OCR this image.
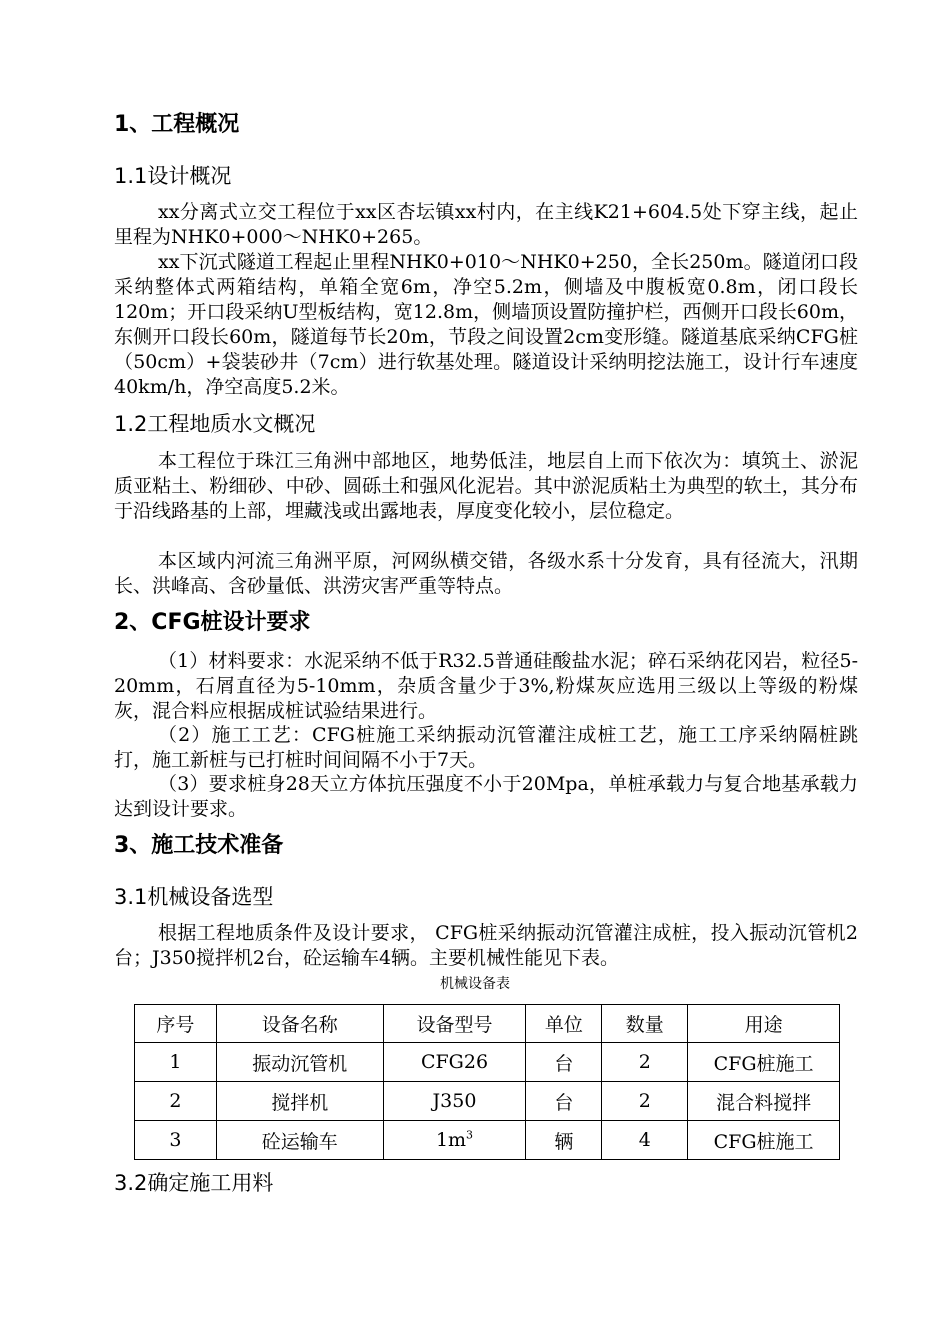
1、工程概况
1.1设计概况
xx分离式立交工程位于xx区杏坛镇xx村内，在主线K21+604.5处下穿主线，起止里程为NHK0+000～NHK0+265。
xx下沉式隧道工程起止里程NHK0+010～NHK0+250，全长250m。隧道闭口段采纳整体式两箱结构，单箱全宽6m，净空5.2m，侧墙及中腹板宽0.8m，闭口段长120m；开口段采纳U型板结构，宽12.8m，侧墙顶设置防撞护栏，西侧开口段长60m，东侧开口段长60m，隧道每节长20m，节段之间设置2cm变形缝。隧道基底采纳CFG桩（50cm）+袋装砂井（7cm）进行软基处理。隧道设计采纳明挖法施工，设计行车速度40km/h，净空高度5.2米。
1.2工程地质水文概况
本工程位于珠江三角洲中部地区，地势低洼，地层自上而下依次为：填筑土、淤泥质亚粘土、粉细砂、中砂、圆砾土和强风化泥岩。其中淤泥质粘土为典型的软土，其分布于沿线路基的上部，埋藏浅或出露地表，厚度变化较小，层位稳定。
本区域内河流三角洲平原，河网纵横交错，各级水系十分发育，具有径流大，汛期长、洪峰高、含砂量低、洪涝灾害严重等特点。
2、CFG桩设计要求
（1）材料要求：水泥采纳不低于R32.5普通硅酸盐水泥；碎石采纳花冈岩，粒径5-20mm，石屑直径为5-10mm，杂质含量少于3%,粉煤灰应选用三级以上等级的粉煤灰，混合料应根据成桩试验结果进行。
（2）施工工艺：CFG桩施工采纳振动沉管灌注成桩工艺，施工工序采纳隔桩跳打，施工新桩与已打桩时间间隔不小于7天。
（3）要求桩身28天立方体抗压强度不小于20Mpa，单桩承载力与复合地基承载力达到设计要求。
3、施工技术准备
3.1机械设备选型
根据工程地质条件及设计要求， CFG桩采纳振动沉管灌注成桩，投入振动沉管机2台；J350搅拌机2台，砼运输车4辆。主要机械性能见下表。
机械设备表
序号	设备名称	设备型号	单位	数量	用途
1	振动沉管机	CFG26	台	2	CFG桩施工
2	搅拌机	J350	台	2	混合料搅拌
3	砼运输车	$1m^3$	辆	4	CFG桩施工
3.2确定施工用料
